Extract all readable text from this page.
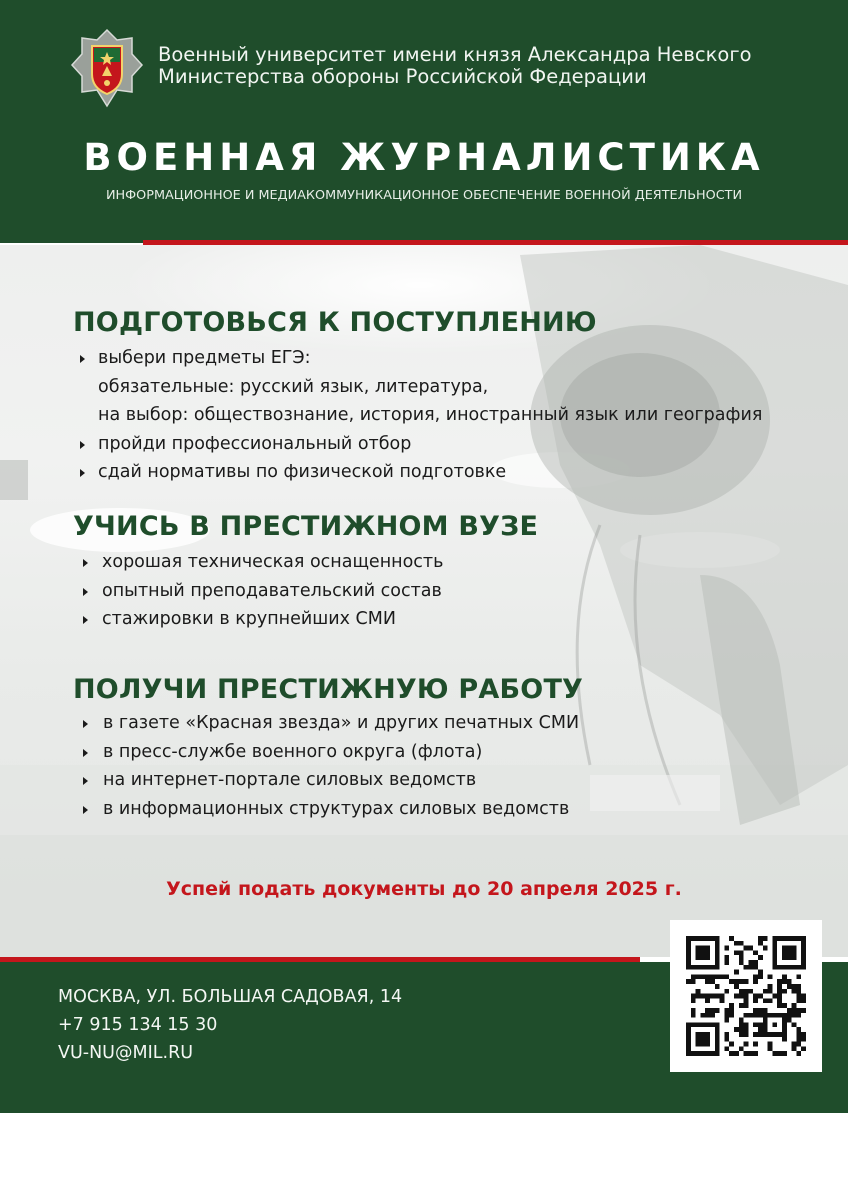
Военный университет имени князя Александра Невского
Министерства обороны Российской Федерации
ВОЕННАЯ ЖУРНАЛИСТИКА
ИНФОРМАЦИОННОЕ И МЕДИАКОММУНИКАЦИОННОЕ ОБЕСПЕЧЕНИЕ ВОЕННОЙ ДЕЯТЕЛЬНОСТИ
ПОДГОТОВЬСЯ К ПОСТУПЛЕНИЮ
выбери предметы ЕГЭ:
обязательные: русский язык, литература,
на выбор: обществознание, история, иностранный язык или география
пройди профессиональный отбор
сдай нормативы по физической подготовке
УЧИСЬ В ПРЕСТИЖНОМ ВУЗЕ
хорошая техническая оснащенность
опытный преподавательский состав
стажировки в крупнейших СМИ
ПОЛУЧИ ПРЕСТИЖНУЮ РАБОТУ
в газете «Красная звезда» и других печатных СМИ
в пресс-службе военного округа (флота)
на интернет-портале силовых ведомств
в информационных структурах силовых ведомств
Успей подать документы до 20 апреля 2025 г.
МОСКВА, УЛ. БОЛЬШАЯ САДОВАЯ, 14
+7 915 134 15 30
VU-NU@MIL.RU
